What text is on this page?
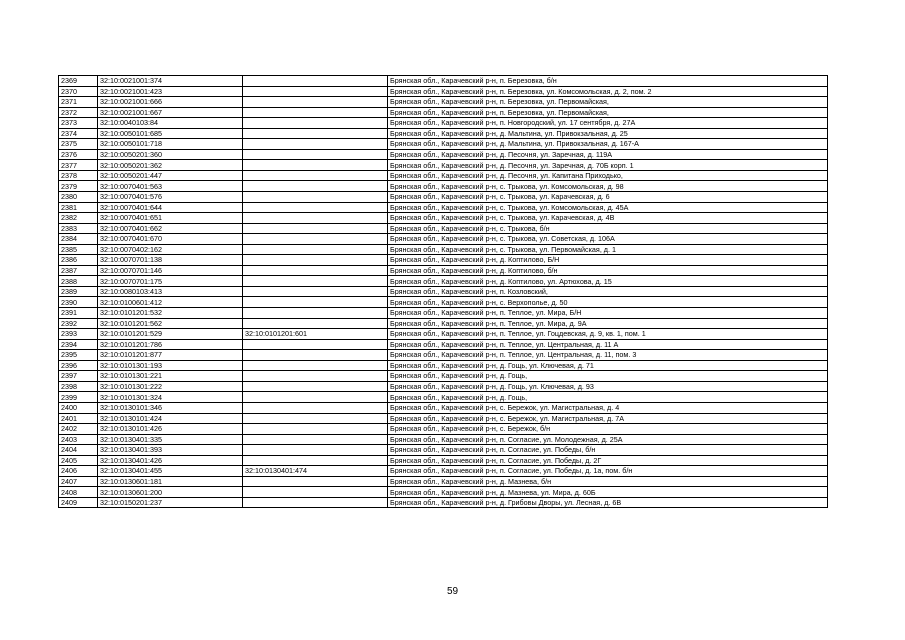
2369	32:10:0021001:374		Брянская обл., Карачевский р-н, п. Березовка, б/н
2370	32:10:0021001:423		Брянская обл., Карачевский р-н, п. Березовка, ул. Комсомольская, д. 2, пом. 2
2371	32:10:0021001:666		Брянская обл., Карачевский р-н, п. Березовка, ул. Первомайская,
2372	32:10:0021001:667		Брянская обл., Карачевский р-н, п. Березовка, ул. Первомайская,
2373	32:10:0040103:84		Брянская обл., Карачевский р-н, п. Новгородский, ул. 17 сентября, д. 27А
2374	32:10:0050101:685		Брянская обл., Карачевский р-н, д. Мальтина, ул. Привокзальная, д. 25
2375	32:10:0050101:718		Брянская обл., Карачевский р-н, д. Мальтина, ул. Привокзальная, д. 167-А
2376	32:10:0050201:360		Брянская обл., Карачевский р-н, д. Песочня, ул. Заречная, д. 119А
2377	32:10:0050201:362		Брянская обл., Карачевский р-н, д. Песочня, ул. Заречная, д. 70Б корп. 1
2378	32:10:0050201:447		Брянская обл., Карачевский р-н, д. Песочня, ул. Капитана Приходько,
2379	32:10:0070401:563		Брянская обл., Карачевский р-н, с. Трыкова, ул. Комсомольская, д. 98
2380	32:10:0070401:576		Брянская обл., Карачевский р-н, с. Трыкова, ул. Карачевская, д. 6
2381	32:10:0070401:644		Брянская обл., Карачевский р-н, с. Трыкова, ул. Комсомольская, д. 45А
2382	32:10:0070401:651		Брянская обл., Карачевский р-н, с. Трыкова, ул. Карачевская, д. 4В
2383	32:10:0070401:662		Брянская обл., Карачевский р-н, с. Трыкова, б/н
2384	32:10:0070401:670		Брянская обл., Карачевский р-н, с. Трыкова, ул. Советская, д. 106А
2385	32:10:0070402:162		Брянская обл., Карачевский р-н, с. Трыкова, ул. Первомайская, д. 1
2386	32:10:0070701:138		Брянская обл., Карачевский р-н, д. Коптилово, Б/Н
2387	32:10:0070701:146		Брянская обл., Карачевский р-н, д. Коптилово, б/н
2388	32:10:0070701:175		Брянская обл., Карачевский р-н, д. Коптилово, ул. Артюхова, д. 15
2389	32:10:0080103:413		Брянская обл., Карачевский р-н, п. Козловский,
2390	32:10:0100601:412		Брянская обл., Карачевский р-н, с. Верхополье, д. 50
2391	32:10:0101201:532		Брянская обл., Карачевский р-н, п. Теплое, ул. Мира, Б/Н
2392	32:10:0101201:562		Брянская обл., Карачевский р-н, п. Теплое, ул. Мира, д. 9А
2393	32:10:0101201:529	32:10:0101201:601	Брянская обл., Карачевский р-н, п. Теплое, ул. Гоцдевская, д. 9, кв. 1, пом. 1
2394	32:10:0101201:786		Брянская обл., Карачевский р-н, п. Теплое, ул. Центральная, д. 11 А
2395	32:10:0101201:877		Брянская обл., Карачевский р-н, п. Теплое, ул. Центральная, д. 11, пом. 3
2396	32:10:0101301:193		Брянская обл., Карачевский р-н, д. Гощь, ул. Ключевая, д. 71
2397	32:10:0101301:221		Брянская обл., Карачевский р-н, д. Гощь,
2398	32:10:0101301:222		Брянская обл., Карачевский р-н, д. Гощь, ул. Ключевая, д. 93
2399	32:10:0101301:324		Брянская обл., Карачевский р-н, д. Гощь,
2400	32:10:0130101:346		Брянская обл., Карачевский р-н, с. Бережок, ул. Магистральная, д. 4
2401	32:10:0130101:424		Брянская обл., Карачевский р-н, с. Бережок, ул. Магистральная, д. 7А
2402	32:10:0130101:426		Брянская обл., Карачевский р-н, с. Бережок, б/н
2403	32:10:0130401:335		Брянская обл., Карачевский р-н, п. Согласие, ул. Молодежная, д. 25А
2404	32:10:0130401:393		Брянская обл., Карачевский р-н, п. Согласие, ул. Победы, б/н
2405	32:10:0130401:426		Брянская обл., Карачевский р-н, п. Согласие, ул. Победы, д. 2Г
2406	32:10:0130401:455	32:10:0130401:474	Брянская обл., Карачевский р-н, п. Согласие, ул. Победы, д. 1а, пом. б/н
2407	32:10:0130601:181		Брянская обл., Карачевский р-н, д. Мазнева, б/н
2408	32:10:0130601:200		Брянская обл., Карачевский р-н, д. Мазнева, ул. Мира, д. 60Б
2409	32:10:0150201:237		Брянская обл., Карачевский р-н, д. Грибовы Дворы, ул. Лесная, д. 6В
59
